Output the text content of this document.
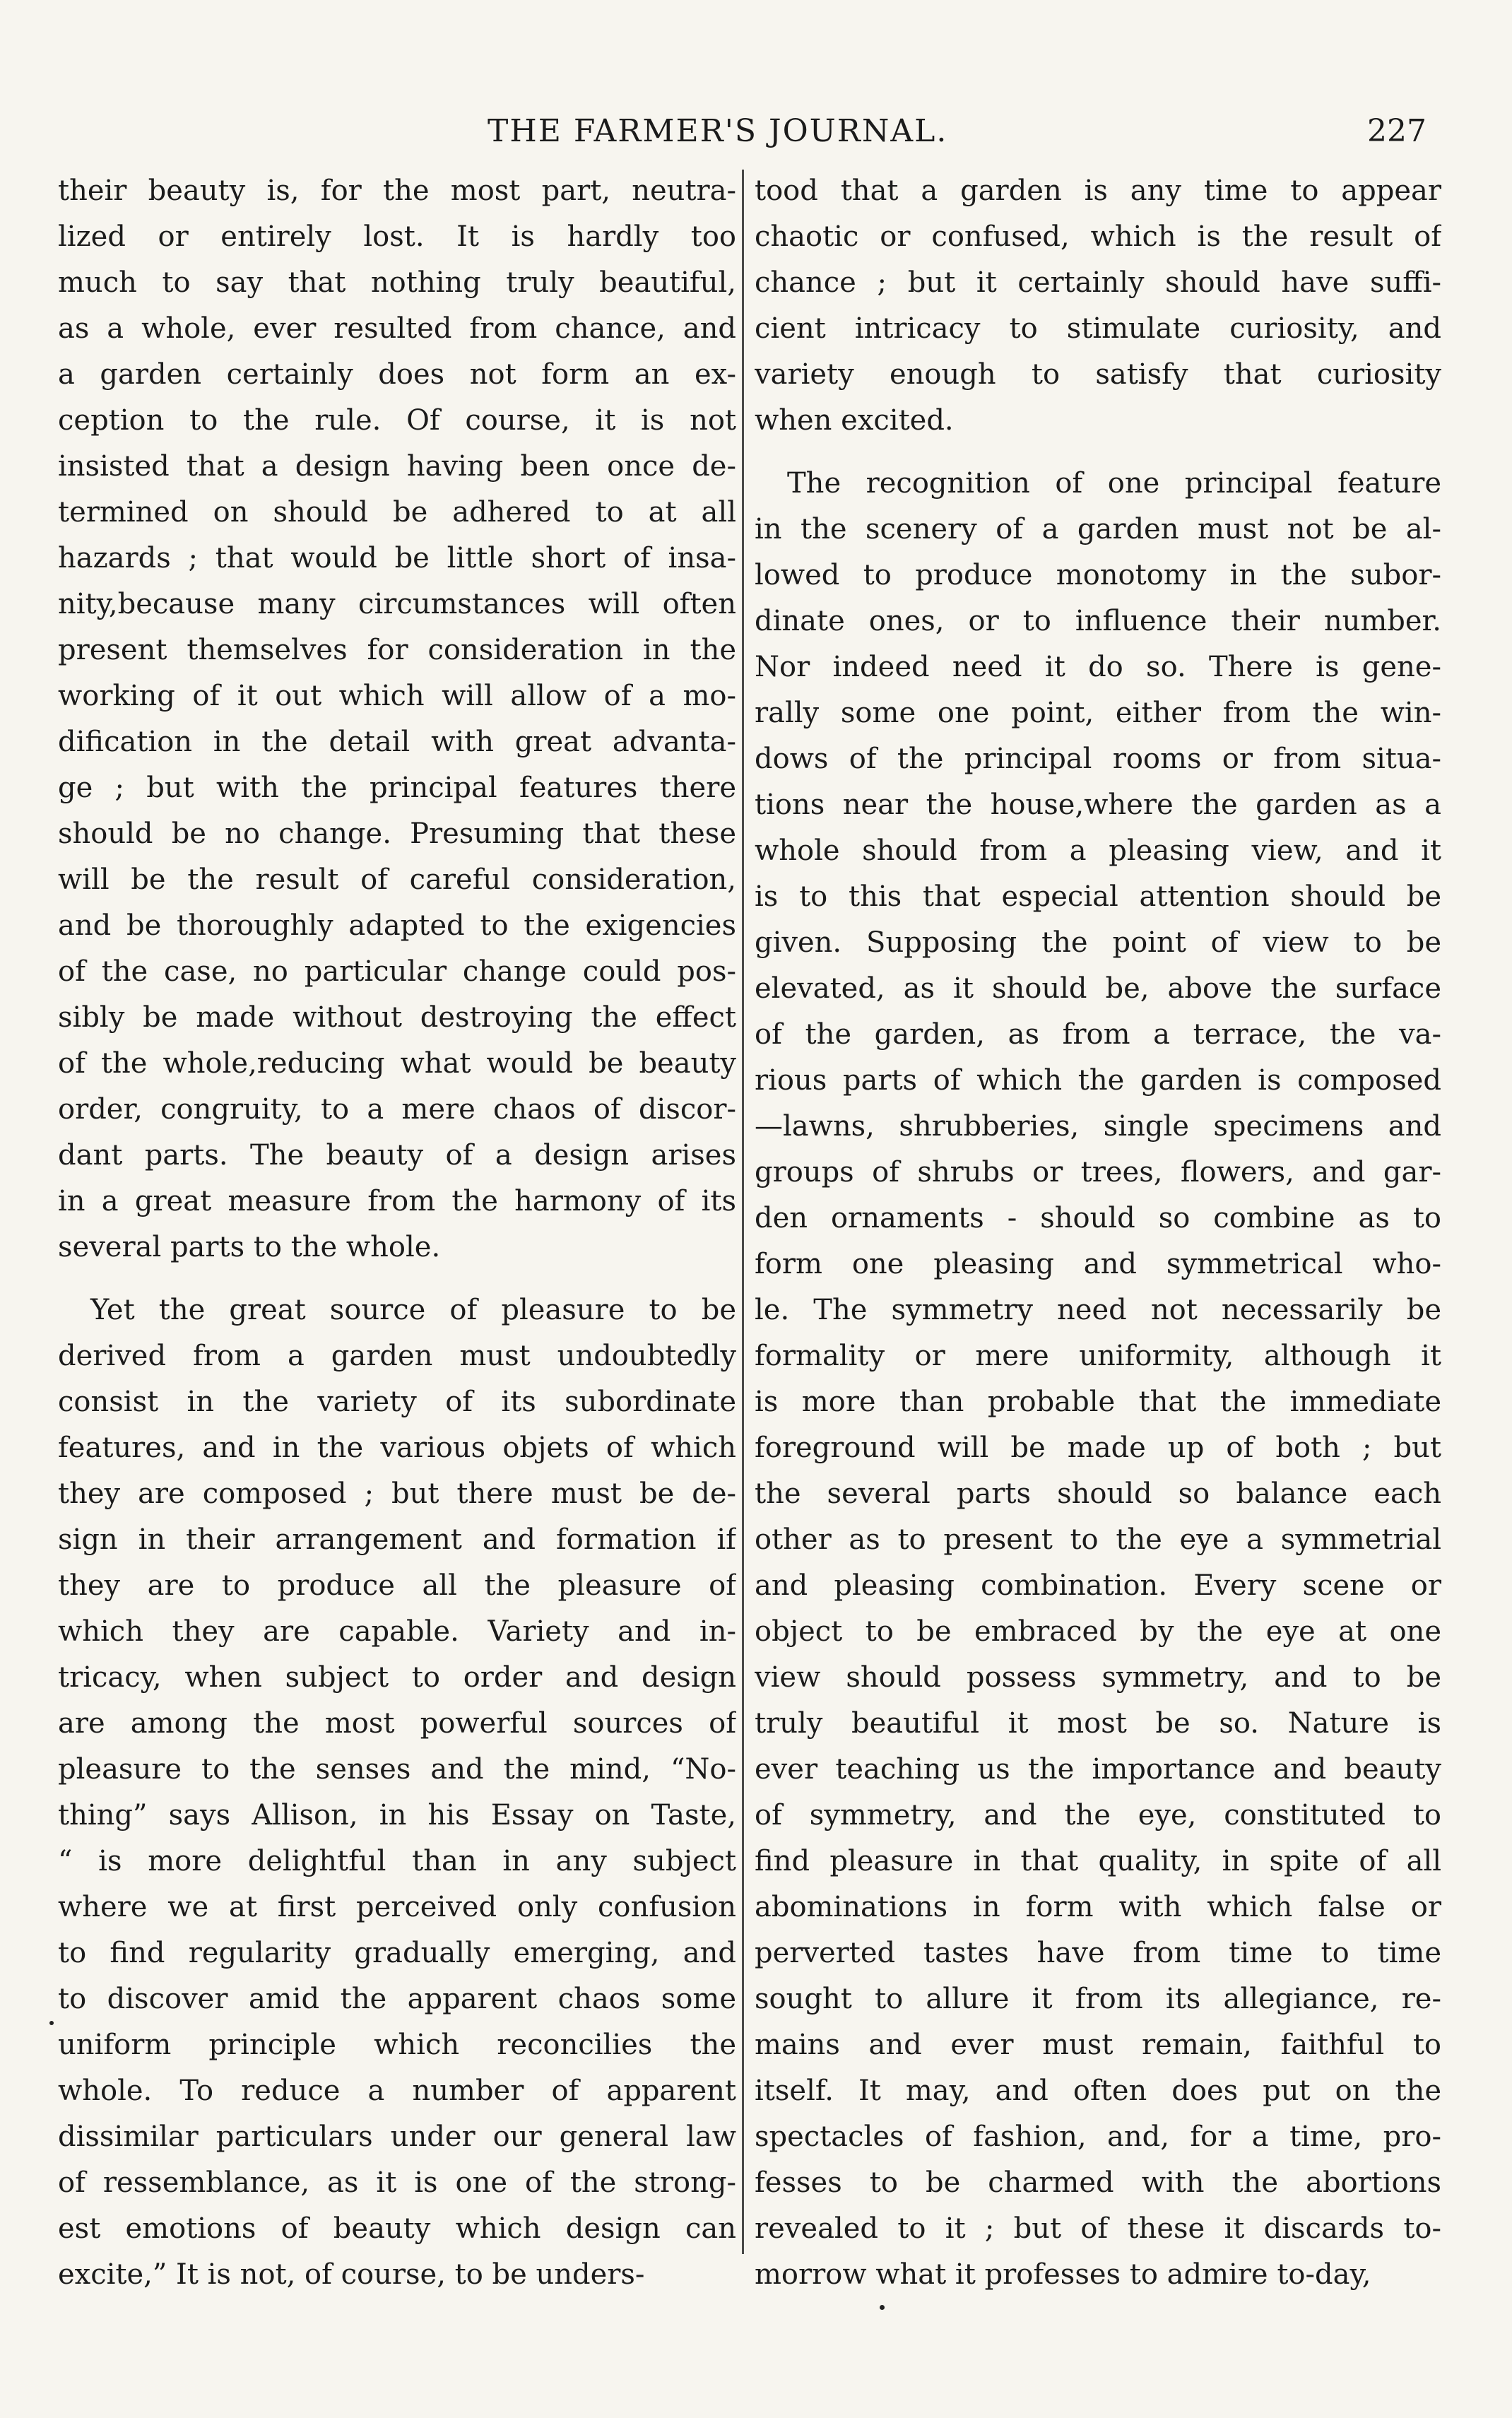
THE FARMER'S JOURNAL.	227
their beauty is, for the most part, neutra-
lized or entirely lost. It is hardly too
much to say that nothing truly beautiful,
as a whole, ever resulted from chance, and
a garden certainly does not form an ex-
ception to the rule. Of course, it is not
insisted that a design having been once de-
termined on should be adhered to at all
hazards ; that would be little short of insa-
nity,because many circumstances will often
present themselves for consideration in the
working of it out which will allow of a mo-
dification in the detail with great advanta-
ge ; but with the principal features there
should be no change. Presuming that these
will be the result of careful consideration,
and be thoroughly adapted to the exigencies
of the case, no particular change could pos-
sibly be made without destroying the effect
of the whole,reducing what would be beauty
order, congruity, to a mere chaos of discor-
dant parts. The beauty of a design arises
in a great measure from the harmony of its
several parts to the whole.
Yet the great source of pleasure to be
derived from a garden must undoubtedly
consist in the variety of its subordinate
features, and in the various objets of which
they are composed ; but there must be de-
sign in their arrangement and formation if
they are to produce all the pleasure of
which they are capable. Variety and in-
tricacy, when subject to order and design
are among the most powerful sources of
pleasure to the senses and the mind, “No-
thing” says Allison, in his Essay on Taste,
“ is more delightful than in any subject
where we at first perceived only confusion
to find regularity gradually emerging, and
to discover amid the apparent chaos some
uniform principle which reconcilies the
whole. To reduce a number of apparent
dissimilar particulars under our general law
of ressemblance, as it is one of the strong-
est emotions of beauty which design can
excite,” It is not, of course, to be unders-
tood that a garden is any time to appear
chaotic or confused, which is the result of
chance ; but it certainly should have suffi-
cient intricacy to stimulate curiosity, and
variety enough to satisfy that curiosity
when excited.
The recognition of one principal feature
in the scenery of a garden must not be al-
lowed to produce monotomy in the subor-
dinate ones, or to influence their number.
Nor indeed need it do so. There is gene-
rally some one point, either from the win-
dows of the principal rooms or from situa-
tions near the house,where the garden as a
whole should from a pleasing view, and it
is to this that especial attention should be
given. Supposing the point of view to be
elevated, as it should be, above the surface
of the garden, as from a terrace, the va-
rious parts of which the garden is composed
—lawns, shrubberies, single specimens and
groups of shrubs or trees, flowers, and gar-
den ornaments - should so combine as to
form one pleasing and symmetrical who-
le. The symmetry need not necessarily be
formality or mere uniformity, although it
is more than probable that the immediate
foreground will be made up of both ; but
the several parts should so balance each
other as to present to the eye a symmetrial
and pleasing combination. Every scene or
object to be embraced by the eye at one
view should possess symmetry, and to be
truly beautiful it most be so. Nature is
ever teaching us the importance and beauty
of symmetry, and the eye, constituted to
find pleasure in that quality, in spite of all
abominations in form with which false or
perverted tastes have from time to time
sought to allure it from its allegiance, re-
mains and ever must remain, faithful to
itself. It may, and often does put on the
spectacles of fashion, and, for a time, pro-
fesses to be charmed with the abortions
revealed to it ; but of these it discards to-
morrow what it professes to admire to-day,
